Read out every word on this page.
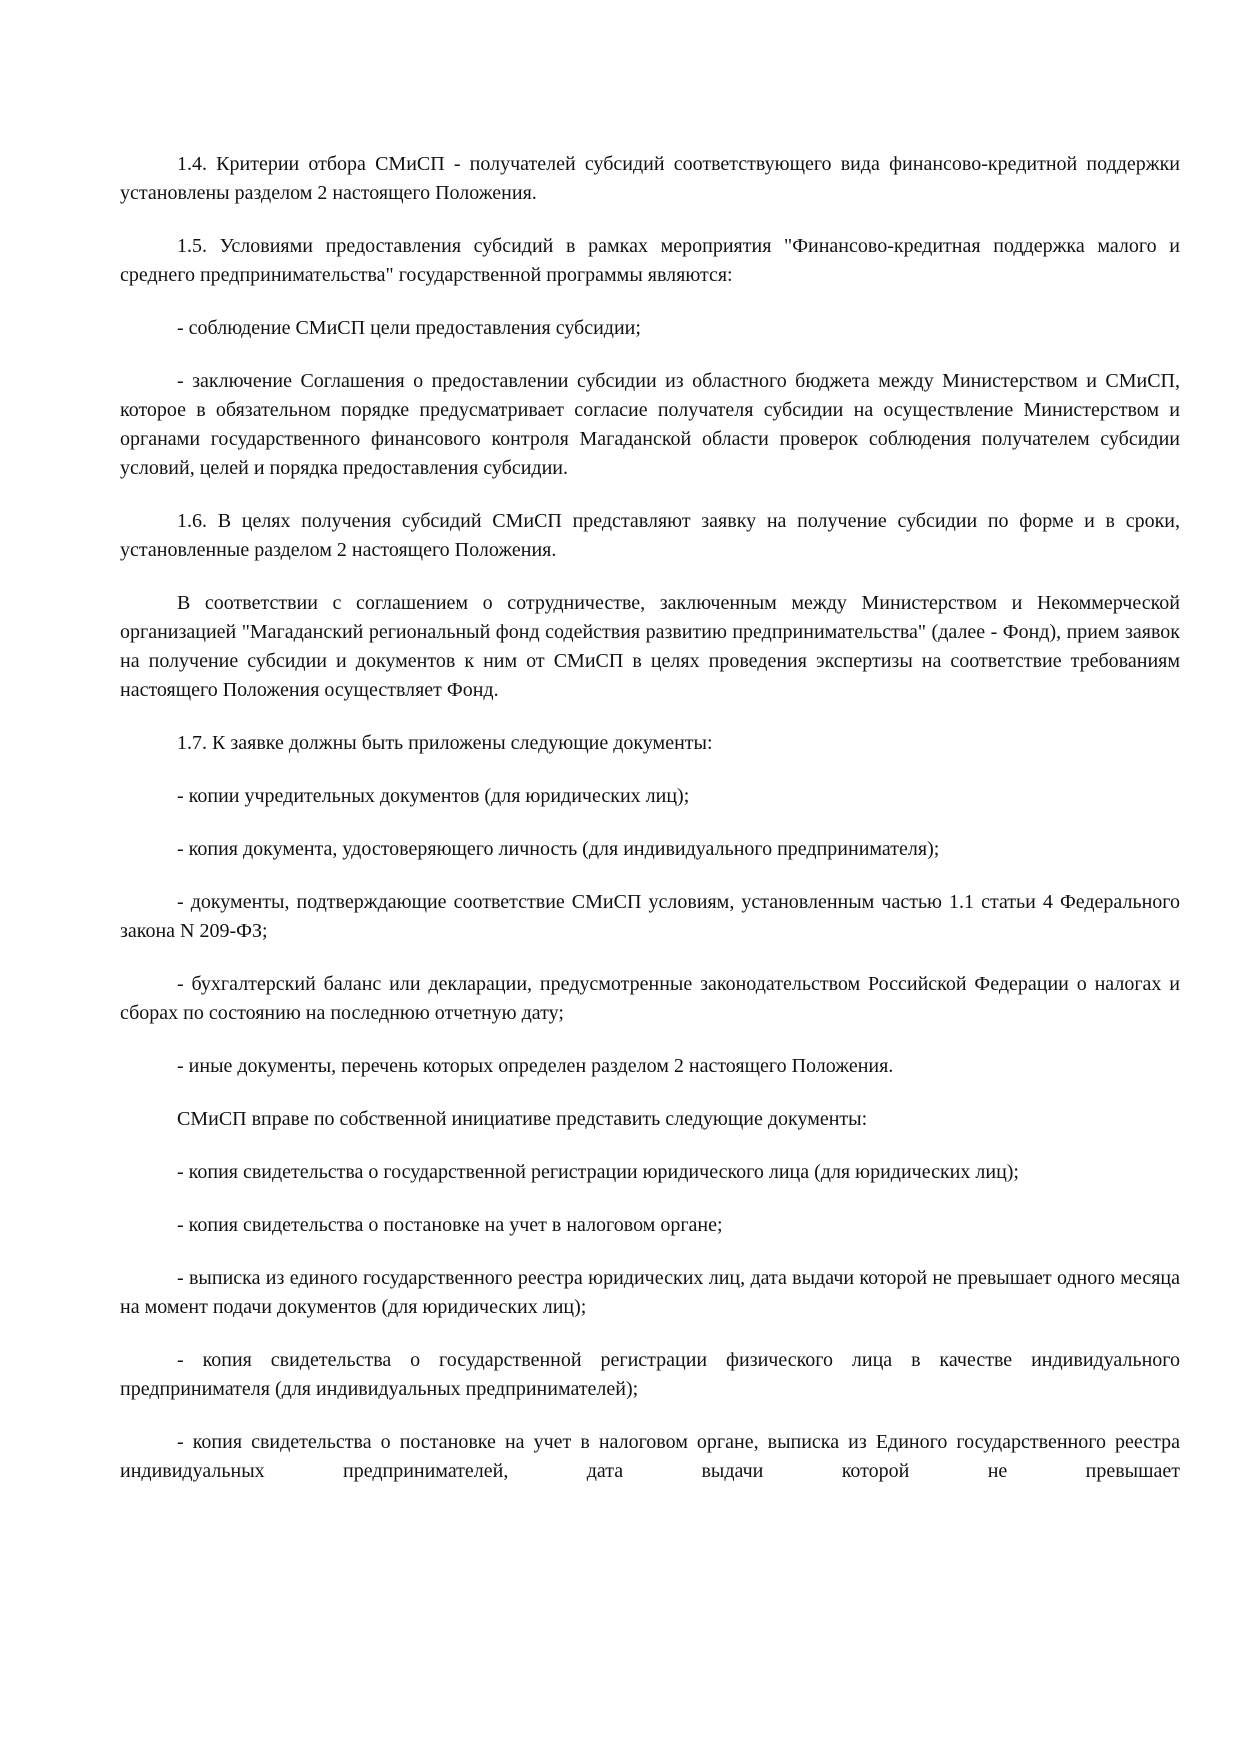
1.4. Критерии отбора СМиСП - получателей субсидий соответствующего вида финансово-кредитной поддержки установлены разделом 2 настоящего Положения.

1.5. Условиями предоставления субсидий в рамках мероприятия "Финансово-кредитная поддержка малого и среднего предпринимательства" государственной программы являются:

- соблюдение СМиСП цели предоставления субсидии;

- заключение Соглашения о предоставлении субсидии из областного бюджета между Министерством и СМиСП, которое в обязательном порядке предусматривает согласие получателя субсидии на осуществление Министерством и органами государственного финансового контроля Магаданской области проверок соблюдения получателем субсидии условий, целей и порядка предоставления субсидии.

1.6. В целях получения субсидий СМиСП представляют заявку на получение субсидии по форме и в сроки, установленные разделом 2 настоящего Положения.

В соответствии с соглашением о сотрудничестве, заключенным между Министерством и Некоммерческой организацией "Магаданский региональный фонд содействия развитию предпринимательства" (далее - Фонд), прием заявок на получение субсидии и документов к ним от СМиСП в целях проведения экспертизы на соответствие требованиям настоящего Положения осуществляет Фонд.

1.7. К заявке должны быть приложены следующие документы:

- копии учредительных документов (для юридических лиц);

- копия документа, удостоверяющего личность (для индивидуального предпринимателя);

- документы, подтверждающие соответствие СМиСП условиям, установленным частью 1.1 статьи 4 Федерального закона N 209-ФЗ;

- бухгалтерский баланс или декларации, предусмотренные законодательством Российской Федерации о налогах и сборах по состоянию на последнюю отчетную дату;

- иные документы, перечень которых определен разделом 2 настоящего Положения.

СМиСП вправе по собственной инициативе представить следующие документы:

- копия свидетельства о государственной регистрации юридического лица (для юридических лиц);

- копия свидетельства о постановке на учет в налоговом органе;

- выписка из единого государственного реестра юридических лиц, дата выдачи которой не превышает одного месяца на момент подачи документов (для юридических лиц);

- копия свидетельства о государственной регистрации физического лица в качестве индивидуального предпринимателя (для индивидуальных предпринимателей);

- копия свидетельства о постановке на учет в налоговом органе, выписка из Единого государственного реестра индивидуальных предпринимателей, дата выдачи которой не превышает
